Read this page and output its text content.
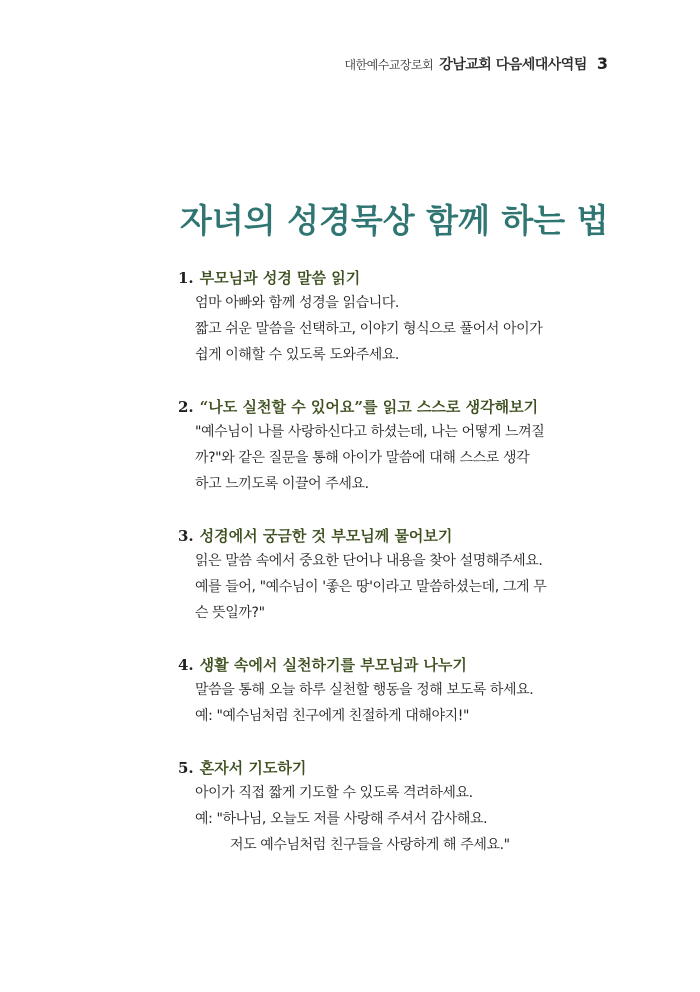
대한예수교장로회 강남교회 다음세대사역팀 3
자녀의 성경묵상 함께 하는 법
1. 부모님과 성경 말씀 읽기
엄마 아빠와 함께 성경을 읽습니다.
짧고 쉬운 말씀을 선택하고, 이야기 형식으로 풀어서 아이가
쉽게 이해할 수 있도록 도와주세요.
2. “나도 실천할 수 있어요”를 읽고 스스로 생각해보기
"예수님이 나를 사랑하신다고 하셨는데, 나는 어떻게 느껴질
까?"와 같은 질문을 통해 아이가 말씀에 대해 스스로 생각
하고 느끼도록 이끌어 주세요.
3. 성경에서 궁금한 것 부모님께 물어보기
읽은 말씀 속에서 중요한 단어나 내용을 찾아 설명해주세요.
예를 들어, "예수님이 '좋은 땅'이라고 말씀하셨는데, 그게 무
슨 뜻일까?"
4. 생활 속에서 실천하기를 부모님과 나누기
말씀을 통해 오늘 하루 실천할 행동을 정해 보도록 하세요.
예: "예수님처럼 친구에게 친절하게 대해야지!"
5. 혼자서 기도하기
아이가 직접 짧게 기도할 수 있도록 격려하세요.
예: "하나님, 오늘도 저를 사랑해 주셔서 감사해요.
저도 예수님처럼 친구들을 사랑하게 해 주세요."
